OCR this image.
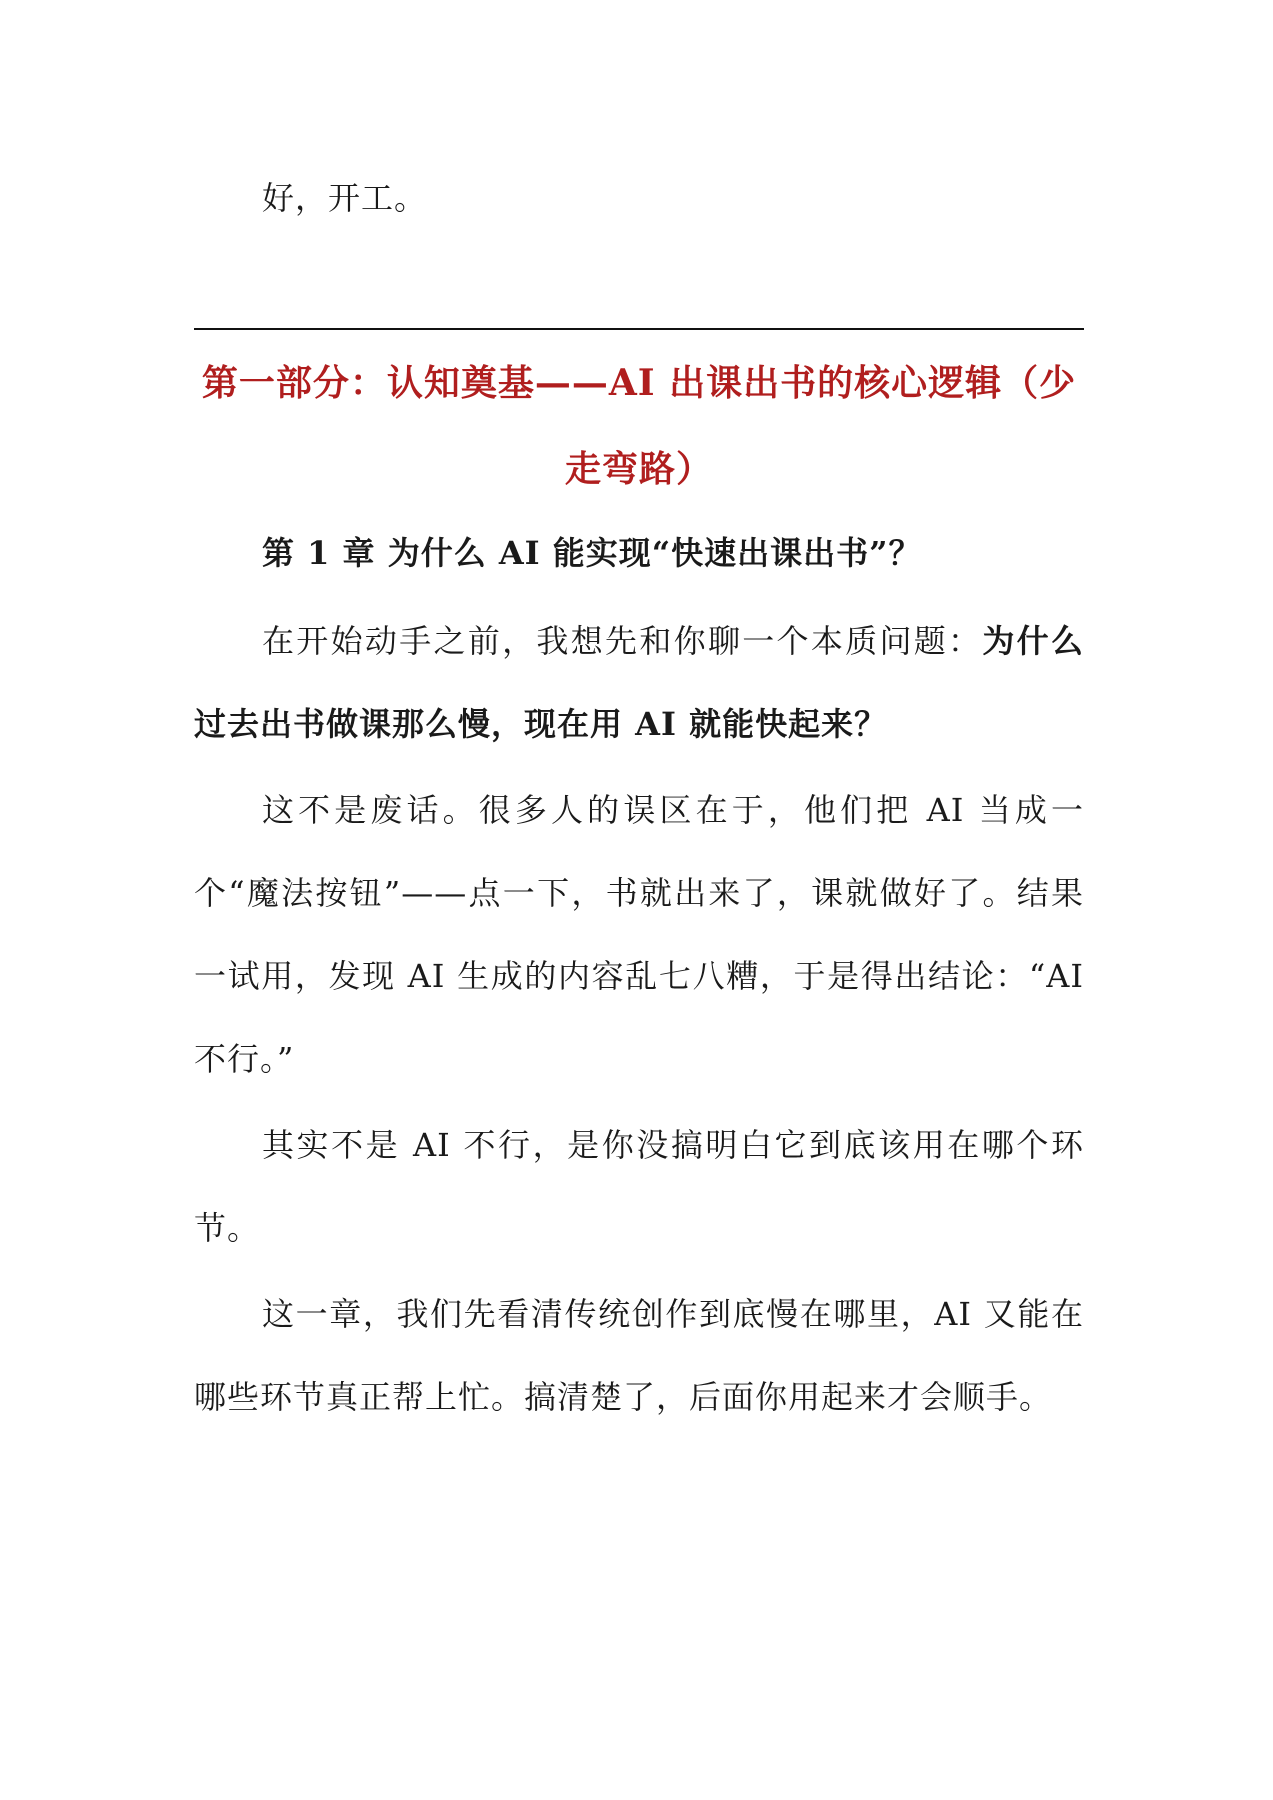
好，开工。

第一部分：认知奠基——AI 出课出书的核心逻辑（少走弯路）
第 1 章 为什么 AI 能实现“快速出课出书”？

在开始动手之前，我想先和你聊一个本质问题：为什么过去出书做课那么慢，现在用 AI 就能快起来？

这不是废话。很多人的误区在于，他们把 AI 当成一个“魔法按钮”——点一下，书就出来了，课就做好了。结果一试用，发现 AI 生成的内容乱七八糟，于是得出结论：“AI 不行。”

其实不是 AI 不行，是你没搞明白它到底该用在哪个环节。

这一章，我们先看清传统创作到底慢在哪里，AI 又能在哪些环节真正帮上忙。搞清楚了，后面你用起来才会顺手。
